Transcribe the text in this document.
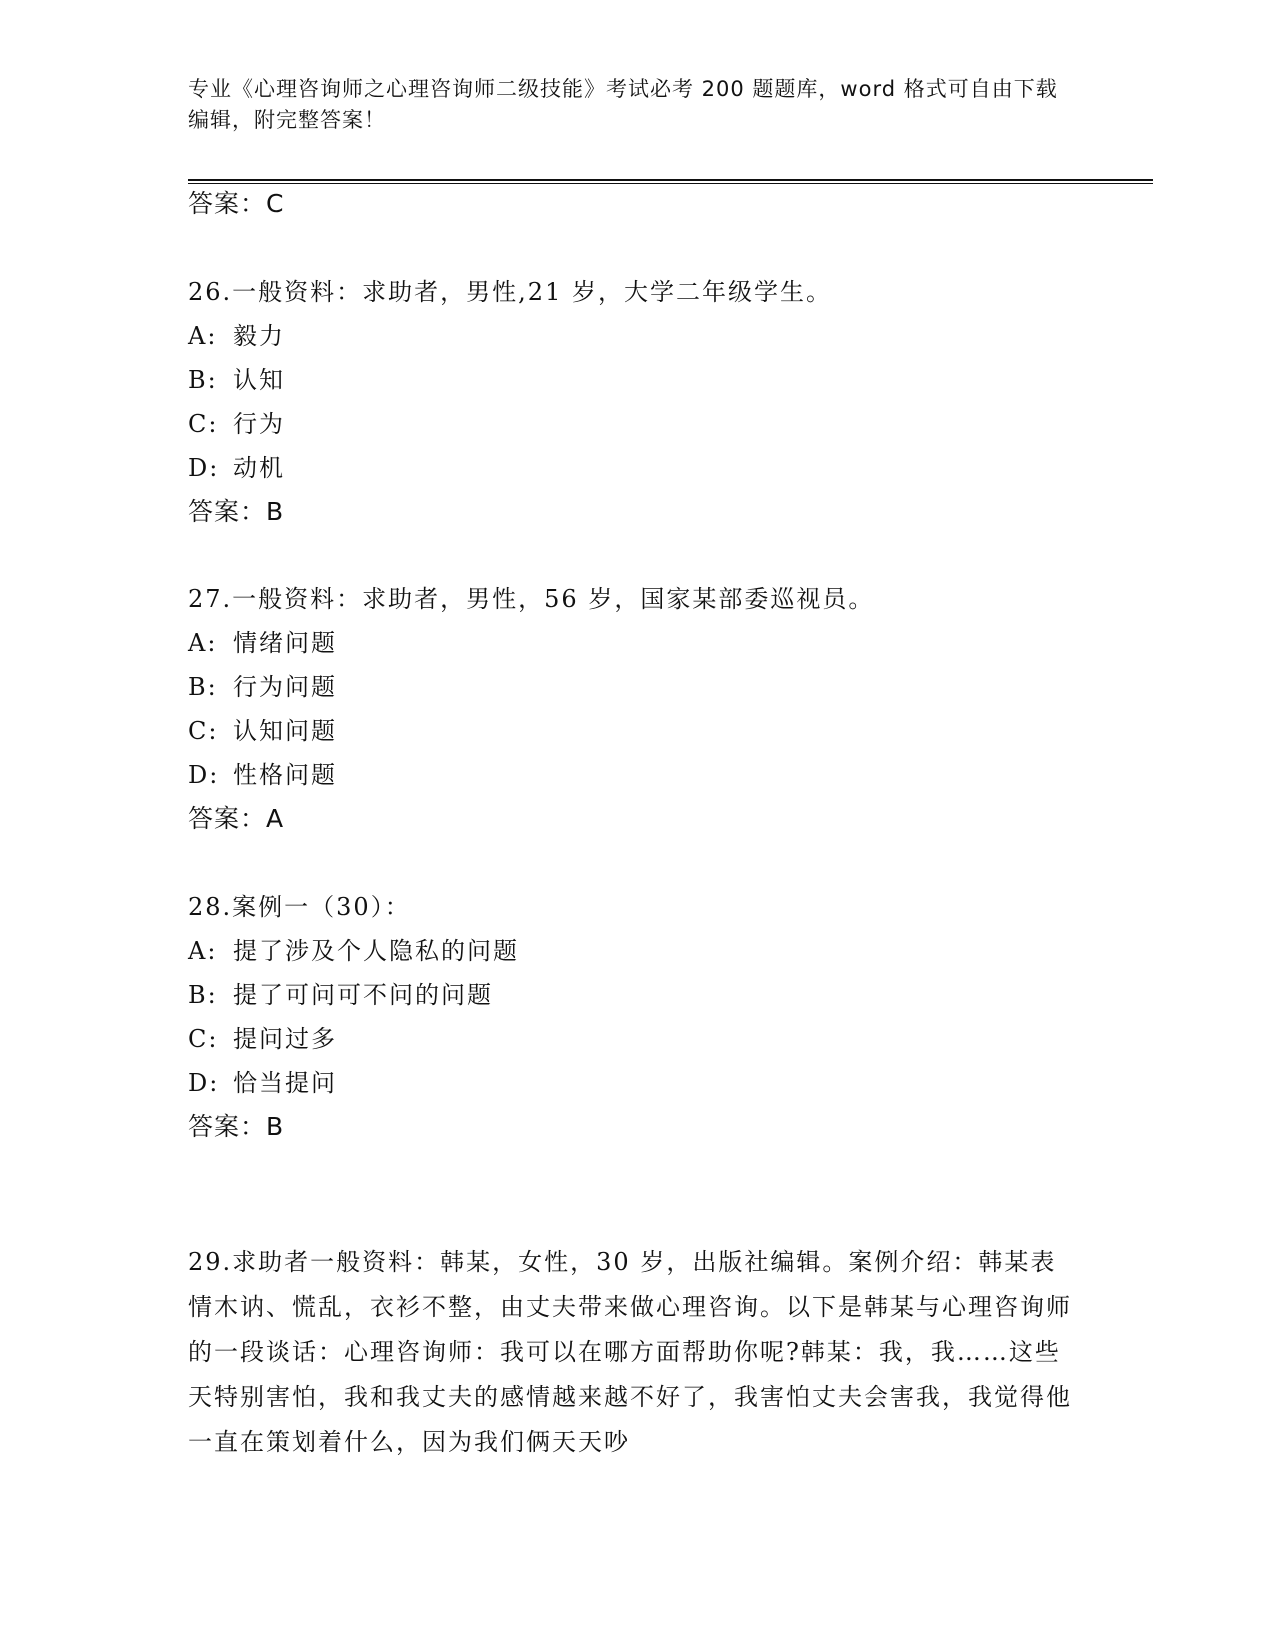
专业《心理咨询师之心理咨询师二级技能》考试必考 200 题题库，word 格式可自由下载编辑，附完整答案！
答案：C
26.一般资料：求助者，男性,21 岁，大学二年级学生。
A: 毅力
B: 认知
C: 行为
D: 动机
答案：B
27.一般资料：求助者，男性，56 岁，国家某部委巡视员。
A: 情绪问题
B: 行为问题
C: 认知问题
D: 性格问题
答案：A
28.案例一（30）：
A: 提了涉及个人隐私的问题
B: 提了可问可不问的问题
C: 提问过多
D: 恰当提问
答案：B
29.求助者一般资料：韩某，女性，30 岁，出版社编辑。案例介绍：韩某表情木讷、慌乱，衣衫不整，由丈夫带来做心理咨询。以下是韩某与心理咨询师的一段谈话：心理咨询师：我可以在哪方面帮助你呢?韩某：我，我……这些天特别害怕，我和我丈夫的感情越来越不好了，我害怕丈夫会害我，我觉得他一直在策划着什么，因为我们俩天天吵
